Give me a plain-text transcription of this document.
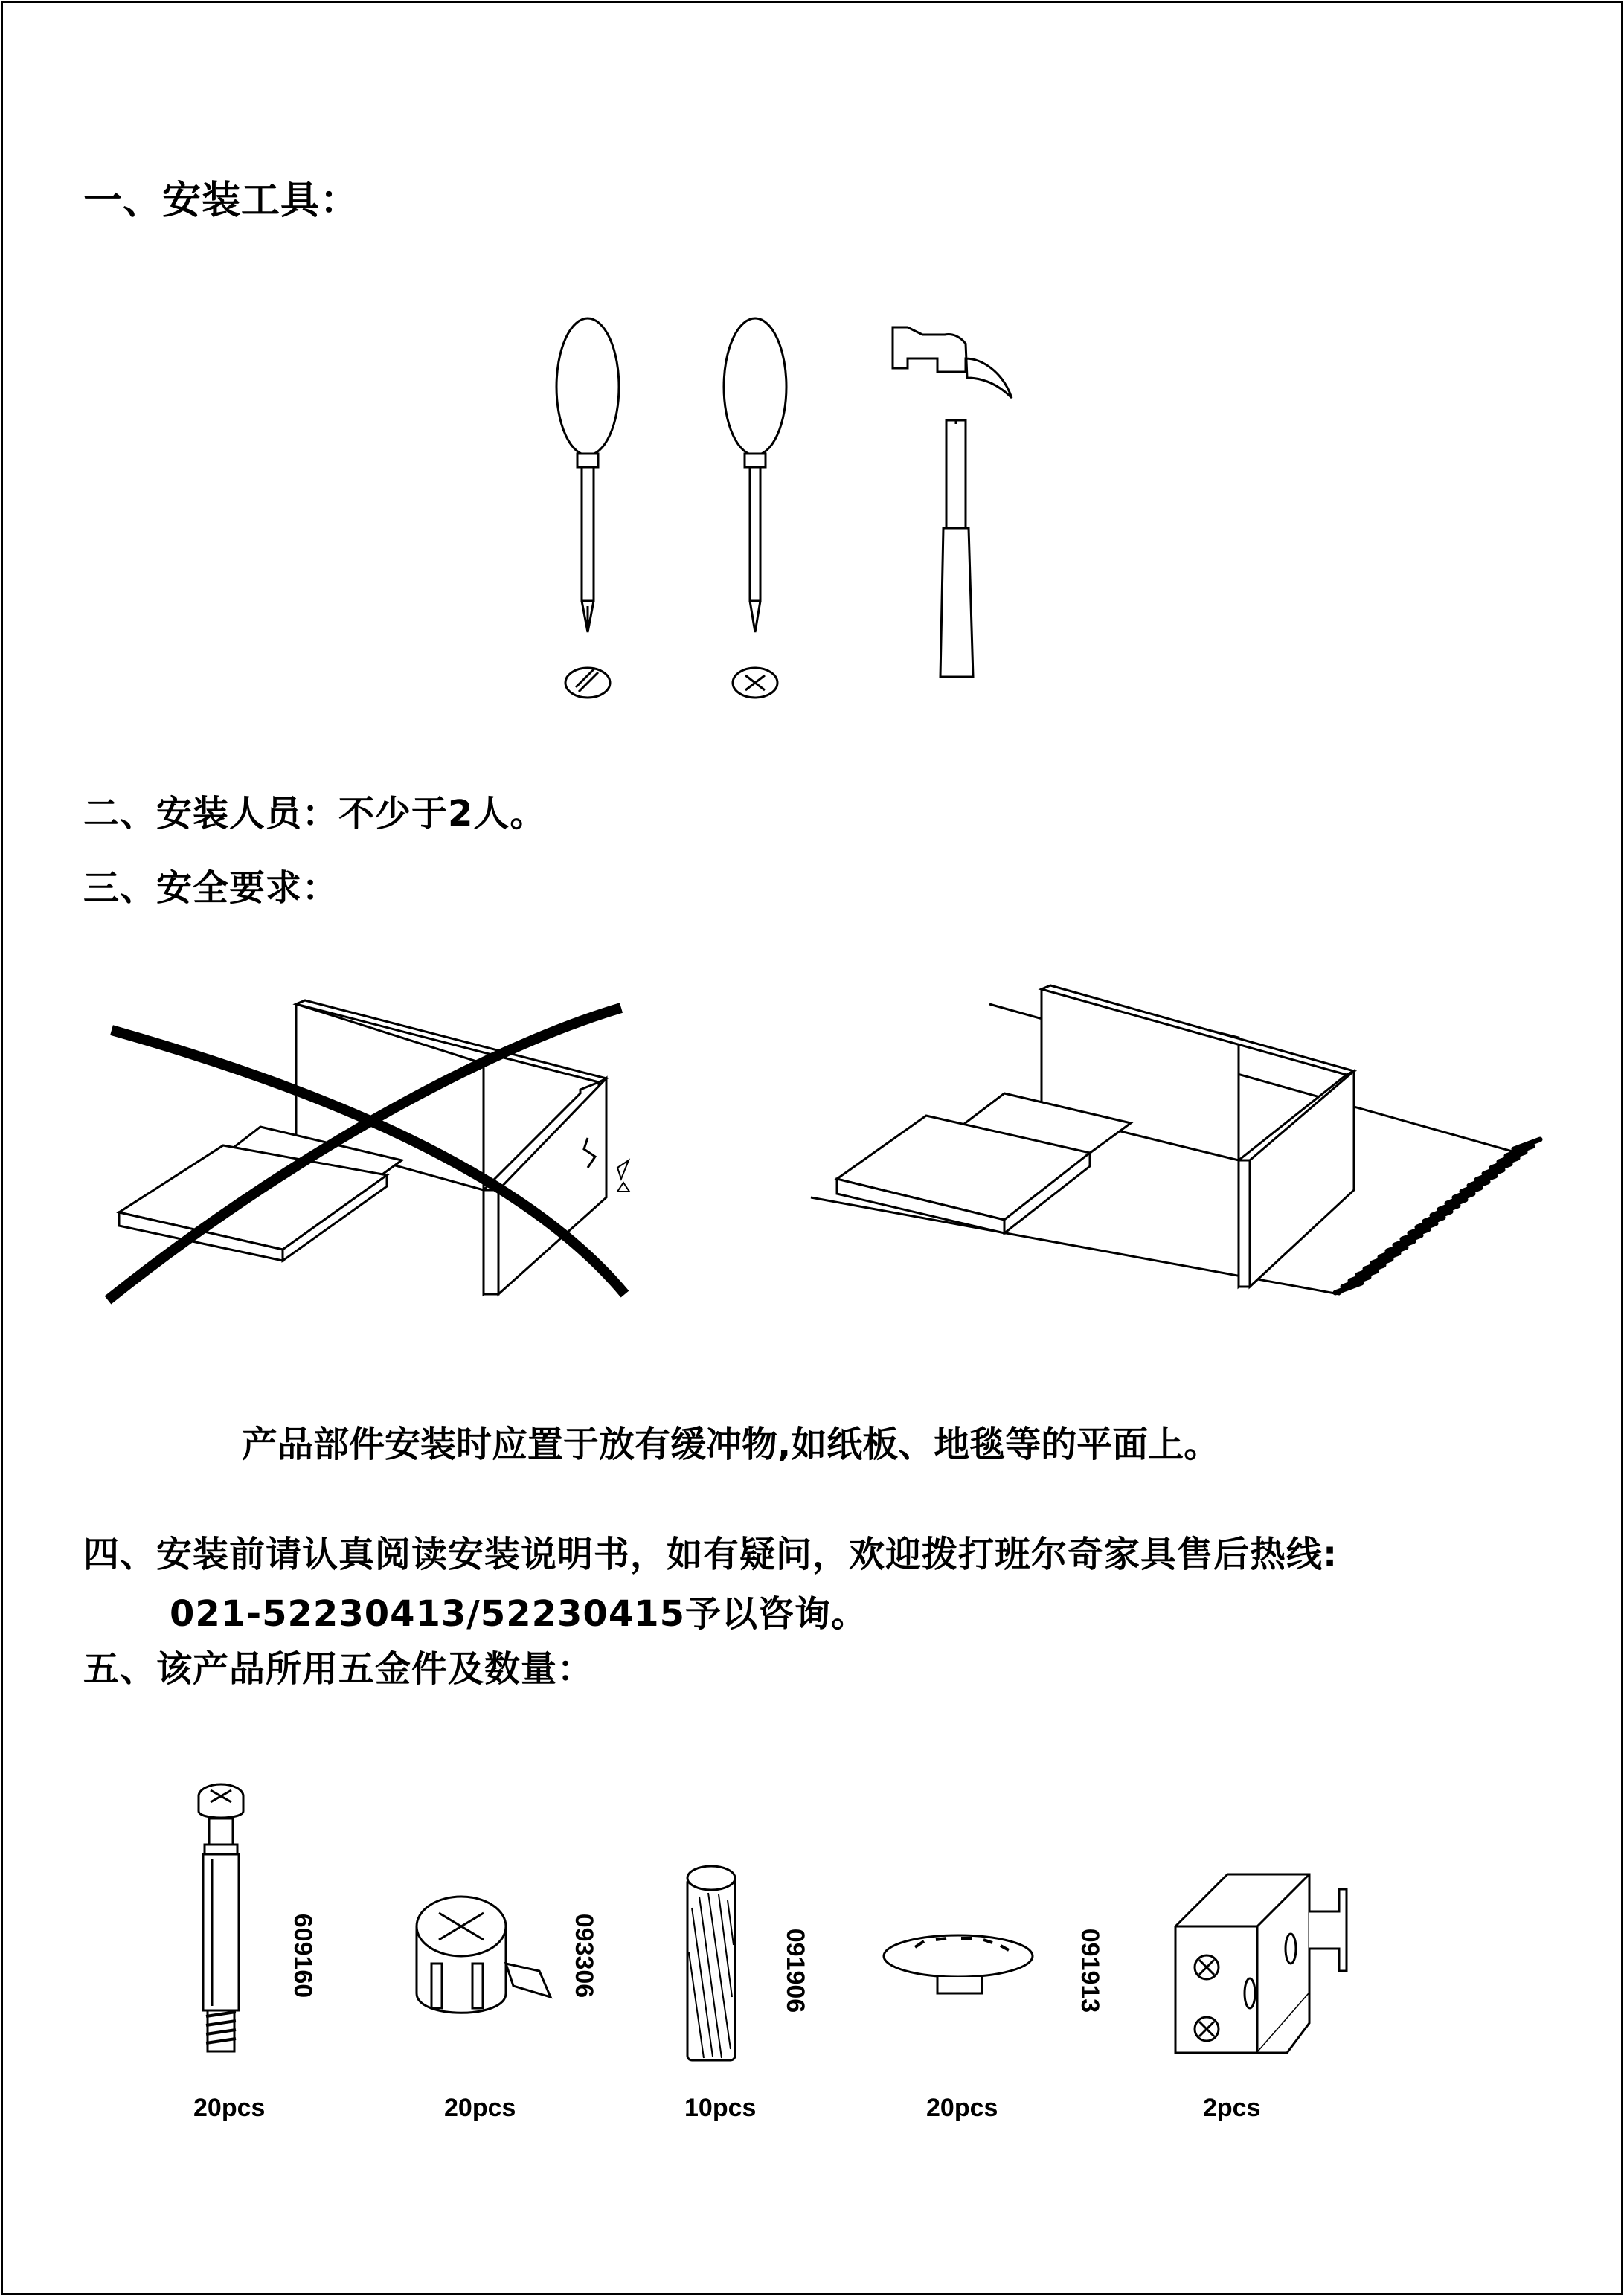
一、安装工具：
二、安装人员：不少于2人。
三、安全要求：
产品部件安装时应置于放有缓冲物,如纸板、地毯等的平面上。
四、安装前请认真阅读安装说明书，如有疑问，欢迎拨打班尔奇家具售后热线:
021-52230413/52230415予以咨询。
五、该产品所用五金件及数量：
609160	093306	091906	091913
20pcs	20pcs	10pcs	20pcs	2pcs
